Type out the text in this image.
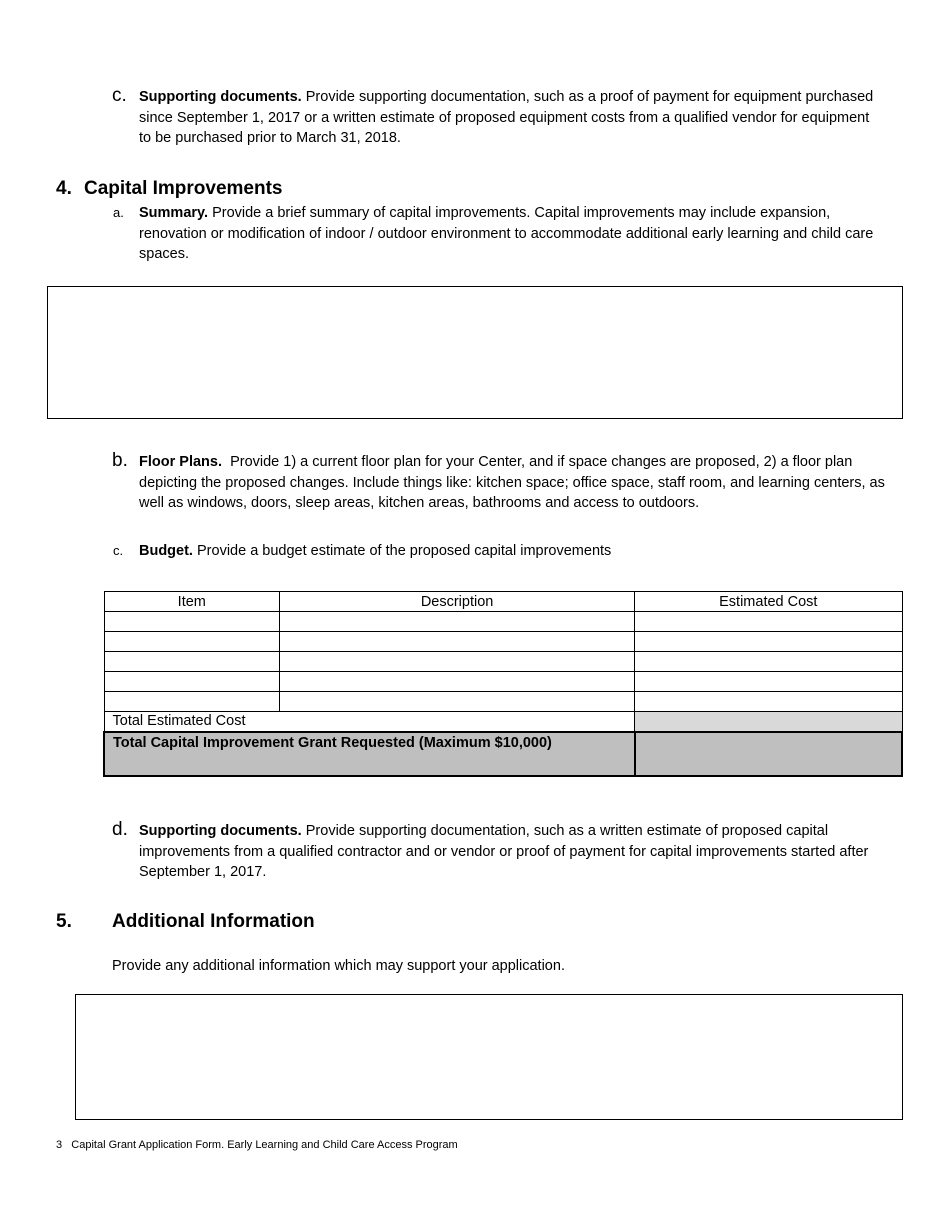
c. Supporting documents. Provide supporting documentation, such as a proof of payment for equipment purchased since September 1, 2017 or a written estimate of proposed equipment costs from a qualified vendor for equipment to be purchased prior to March 31, 2018.
4. Capital Improvements
a. Summary. Provide a brief summary of capital improvements. Capital improvements may include expansion, renovation or modification of indoor / outdoor environment to accommodate additional early learning and child care spaces.
b. Floor Plans. Provide 1) a current floor plan for your Center, and if space changes are proposed, 2) a floor plan depicting the proposed changes. Include things like: kitchen space; office space, staff room, and learning centers, as well as windows, doors, sleep areas, kitchen areas, bathrooms and access to outdoors.
c. Budget. Provide a budget estimate of the proposed capital improvements
Item	Description	Estimated Cost

Total Estimated Cost		
Total Capital Improvement Grant Requested (Maximum $10,000)		
d. Supporting documents. Provide supporting documentation, such as a written estimate of proposed capital improvements from a qualified contractor and or vendor or proof of payment for capital improvements started after September 1, 2017.
5. Additional Information
Provide any additional information which may support your application.
3 Capital Grant Application Form. Early Learning and Child Care Access Program
